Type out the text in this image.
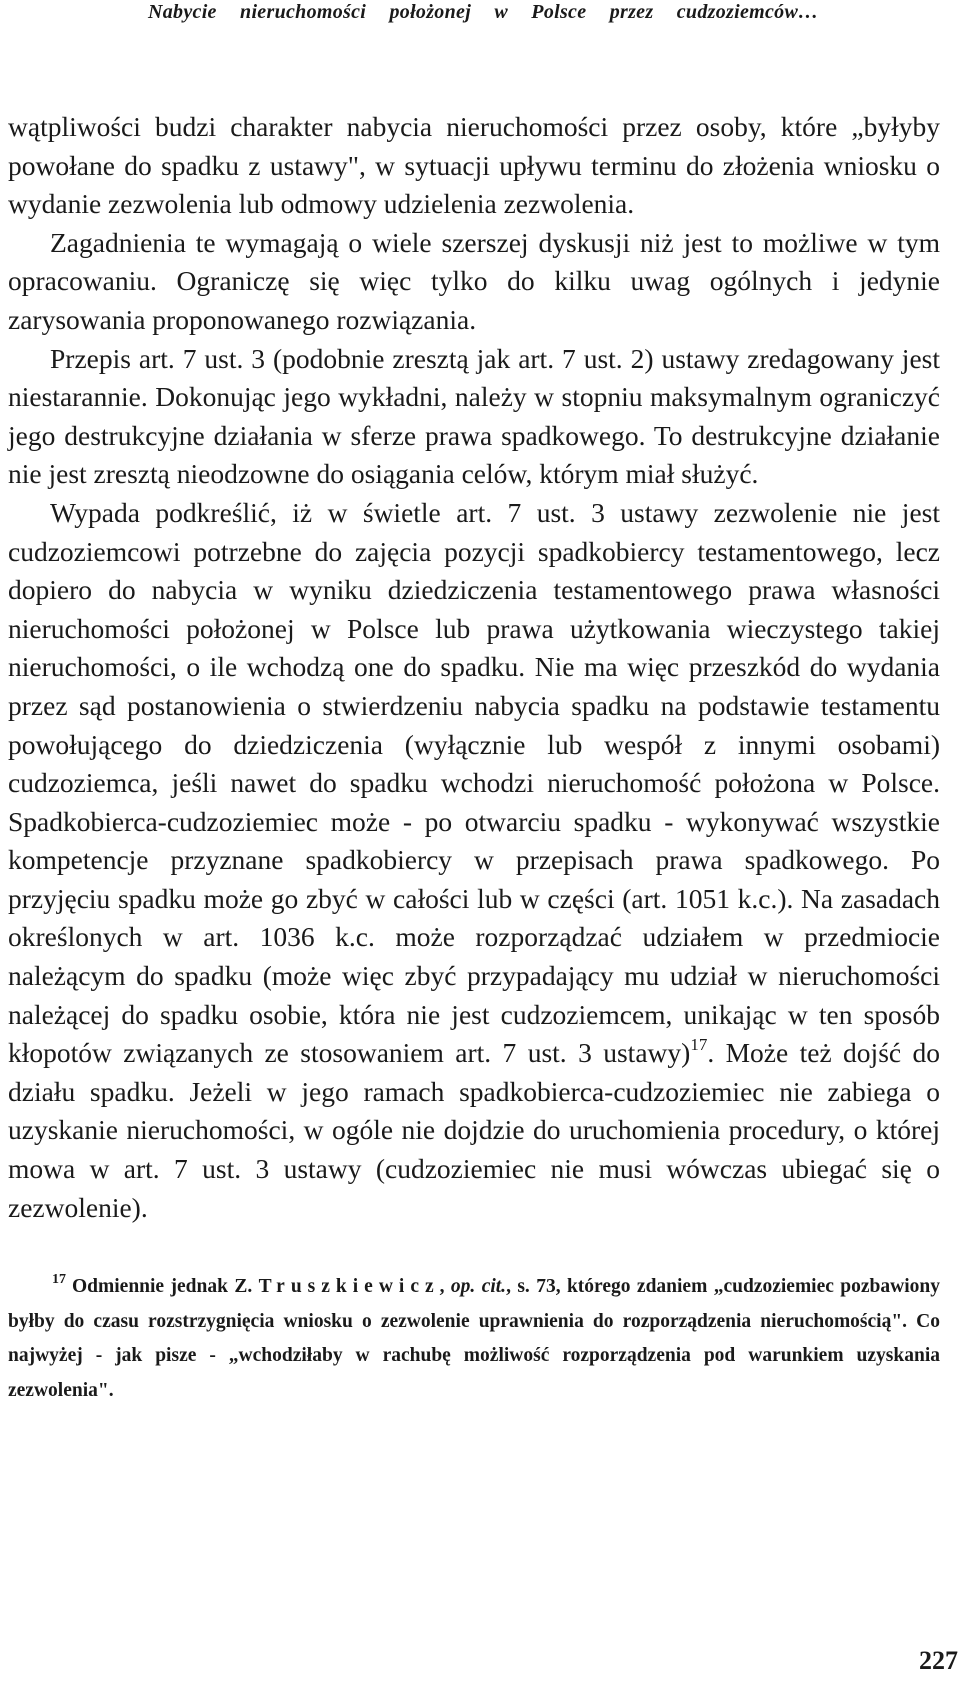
Nabycie nieruchomości położonej w Polsce przez cudzoziemców…

wątpliwości budzi charakter nabycia nieruchomości przez osoby, które „byłyby powołane do spadku z ustawy", w sytuacji upływu terminu do złożenia wniosku o wydanie zezwolenia lub odmowy udzielenia zezwolenia.

Zagadnienia te wymagają o wiele szerszej dyskusji niż jest to możliwe w tym opracowaniu. Ograniczę się więc tylko do kilku uwag ogólnych i jedynie zarysowania proponowanego rozwiązania.

Przepis art. 7 ust. 3 (podobnie zresztą jak art. 7 ust. 2) ustawy zredagowany jest niestarannie. Dokonując jego wykładni, należy w stopniu maksymalnym ograniczyć jego destrukcyjne działania w sferze prawa spadkowego. To destrukcyjne działanie nie jest zresztą nieodzowne do osiągania celów, którym miał służyć.

Wypada podkreślić, iż w świetle art. 7 ust. 3 ustawy zezwolenie nie jest cudzoziemcowi potrzebne do zajęcia pozycji spadkobiercy testamentowego, lecz dopiero do nabycia w wyniku dziedziczenia testamentowego prawa własności nieruchomości położonej w Polsce lub prawa użytkowania wieczystego takiej nieruchomości, o ile wchodzą one do spadku. Nie ma więc przeszkód do wydania przez sąd postanowienia o stwierdzeniu nabycia spadku na podstawie testamentu powołującego do dziedziczenia (wyłącznie lub wespół z innymi osobami) cudzoziemca, jeśli nawet do spadku wchodzi nieruchomość położona w Polsce. Spadkobierca-cudzoziemiec może - po otwarciu spadku - wykonywać wszystkie kompetencje przyznane spadkobiercy w przepisach prawa spadkowego. Po przyjęciu spadku może go zbyć w całości lub w części (art. 1051 k.c.). Na zasadach określonych w art. 1036 k.c. może rozporządzać udziałem w przedmiocie należącym do spadku (może więc zbyć przypadający mu udział w nieruchomości należącej do spadku osobie, która nie jest cudzoziemcem, unikając w ten sposób kłopotów związanych ze stosowaniem art. 7 ust. 3 ustawy)$^{17}$. Może też dojść do działu spadku. Jeżeli w jego ramach spadkobierca-cudzoziemiec nie zabiega o uzyskanie nieruchomości, w ogóle nie dojdzie do uruchomienia procedury, o której mowa w art. 7 ust. 3 ustawy (cudzoziemiec nie musi wówczas ubiegać się o zezwolenie).

$^{17}$ Odmiennie jednak Z. Truszkiewicz, op. cit., s. 73, którego zdaniem „cudzoziemiec pozbawiony byłby do czasu rozstrzygnięcia wniosku o zezwolenie uprawnienia do rozporządzenia nieruchomością". Co najwyżej - jak pisze - „wchodziłaby w rachubę możliwość rozporządzenia pod warunkiem uzyskania zezwolenia".

227
